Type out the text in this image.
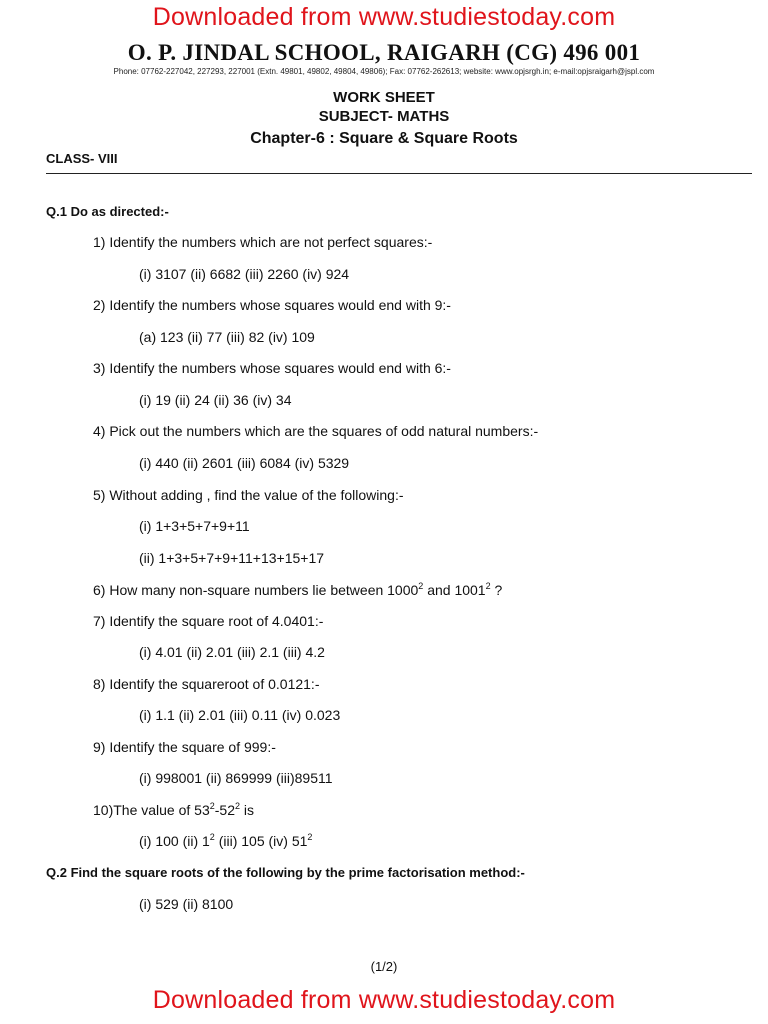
Downloaded from www.studiestoday.com
O. P. JINDAL SCHOOL, RAIGARH (CG) 496 001
Phone: 07762-227042, 227293, 227001 (Extn. 49801, 49802, 49804, 49806); Fax: 07762-262613; website: www.opjsrgh.in; e-mail:opjsraigarh@jspl.com
WORK SHEET
SUBJECT- MATHS
Chapter-6 : Square & Square Roots
CLASS- VIII
Q.1 Do as directed:-
1) Identify the numbers which are not perfect squares:-
(i) 3107 (ii) 6682 (iii) 2260 (iv) 924
2) Identify the numbers whose squares would end with 9:-
(a) 123 (ii) 77 (iii) 82 (iv) 109
3) Identify the numbers whose squares would end with 6:-
(i) 19 (ii) 24 (ii) 36 (iv) 34
4) Pick out the numbers which are the squares of odd natural numbers:-
(i) 440 (ii) 2601 (iii) 6084 (iv) 5329
5) Without adding , find the value of the following:-
(i) 1+3+5+7+9+11
(ii) 1+3+5+7+9+11+13+15+17
6) How many non-square numbers lie between 1000$^2$ and 1001$^2$ ?
7) Identify the square root of 4.0401:-
(i) 4.01 (ii) 2.01 (iii) 2.1 (iii) 4.2
8) Identify the squareroot of 0.0121:-
(i) 1.1 (ii) 2.01 (iii) 0.11 (iv) 0.023
9) Identify the square of 999:-
(i) 998001 (ii) 869999 (iii)89511
10)The value of $53^2-52^2$ is
(i) 100 (ii) $1^2$ (iii) 105 (iv) $51^2$
Q.2 Find the square roots of the following by the prime factorisation method:-
(i) 529 (ii) 8100
(1/2)
Downloaded from www.studiestoday.com
